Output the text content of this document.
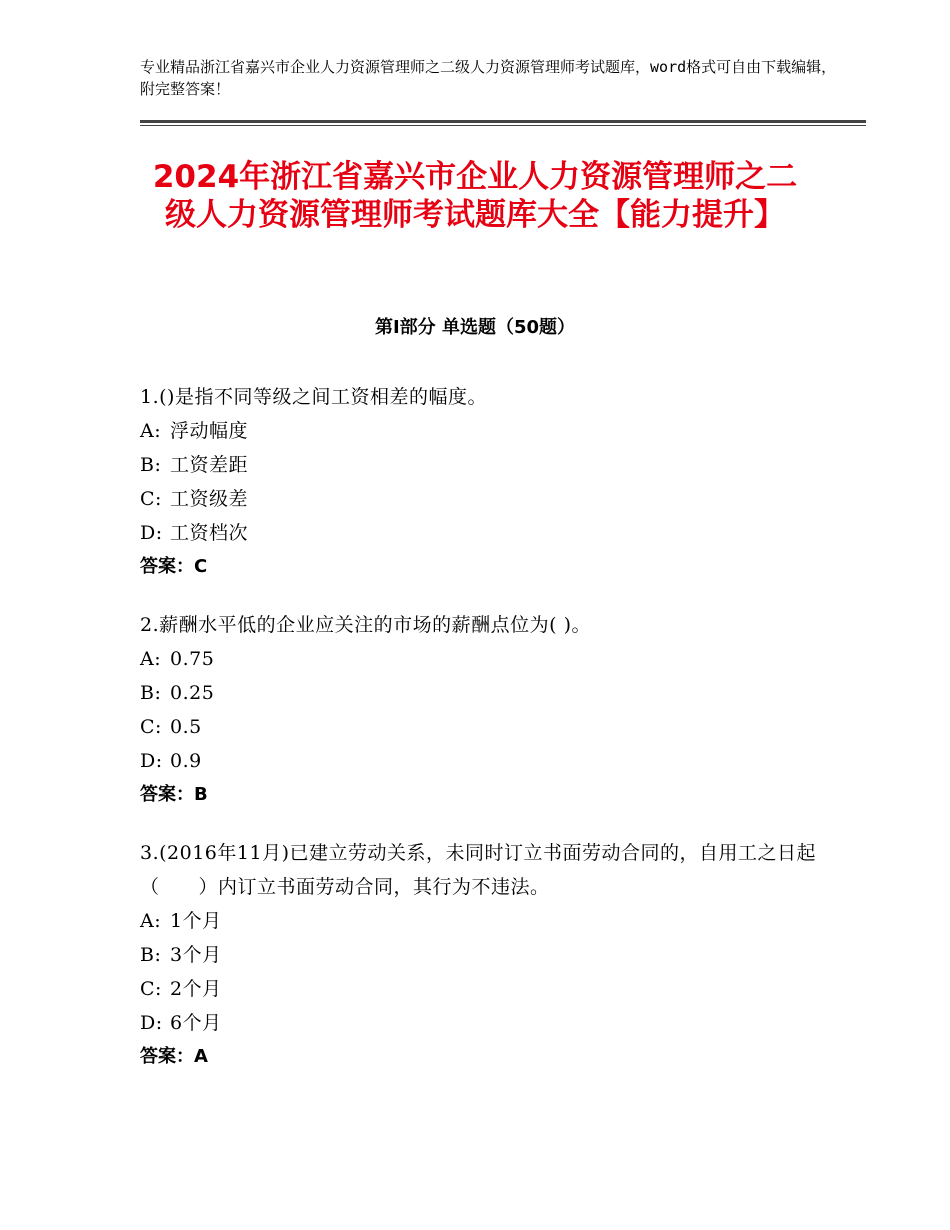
专业精品浙江省嘉兴市企业人力资源管理师之二级人力资源管理师考试题库，word格式可自由下载编辑，附完整答案！
2024年浙江省嘉兴市企业人力资源管理师之二级人力资源管理师考试题库大全【能力提升】
第Ⅰ部分 单选题（50题）
1.()是指不同等级之间工资相差的幅度。
A: 浮动幅度
B: 工资差距
C: 工资级差
D: 工资档次
答案：C
2.薪酬水平低的企业应关注的市场的薪酬点位为( )。
A: 0.75
B: 0.25
C: 0.5
D: 0.9
答案：B
3.(2016年11月)已建立劳动关系，未同时订立书面劳动合同的，自用工之日起（　　）内订立书面劳动合同，其行为不违法。
A: 1个月
B: 3个月
C: 2个月
D: 6个月
答案：A
